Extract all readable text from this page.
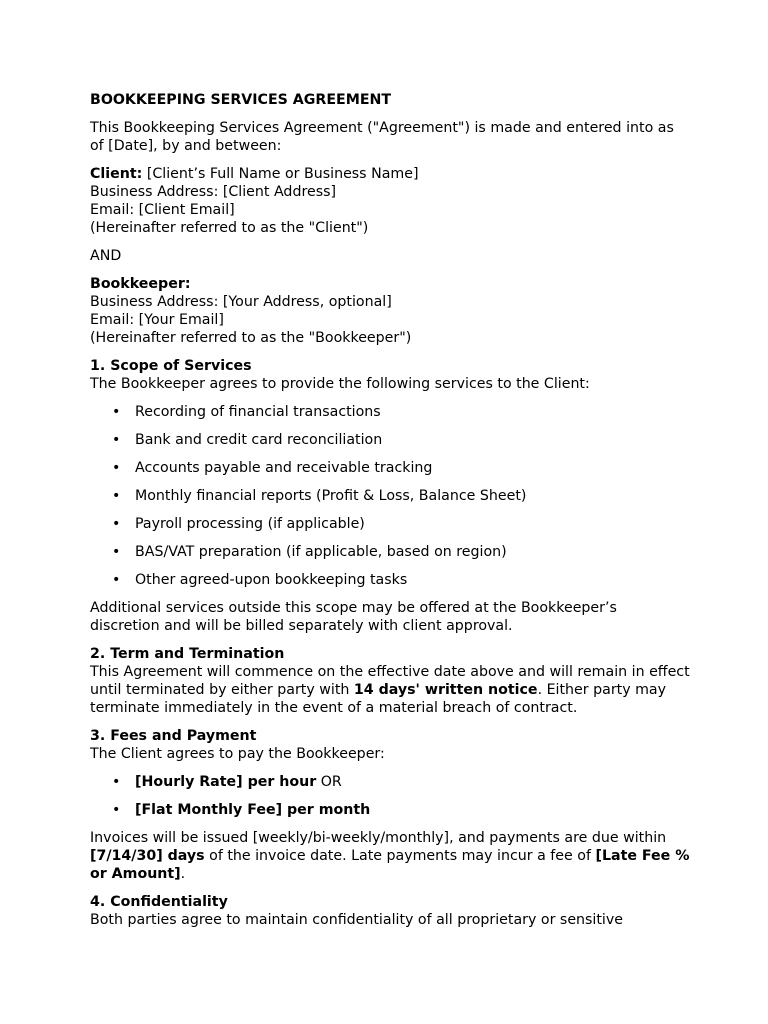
BOOKKEEPING SERVICES AGREEMENT

This Bookkeeping Services Agreement ("Agreement") is made and entered into as of [Date], by and between:

Client: [Client’s Full Name or Business Name]
Business Address: [Client Address]
Email: [Client Email]
(Hereinafter referred to as the "Client")

AND

Bookkeeper:
Business Address: [Your Address, optional]
Email: [Your Email]
(Hereinafter referred to as the "Bookkeeper")

1. Scope of Services
The Bookkeeper agrees to provide the following services to the Client:

• Recording of financial transactions
• Bank and credit card reconciliation
• Accounts payable and receivable tracking
• Monthly financial reports (Profit & Loss, Balance Sheet)
• Payroll processing (if applicable)
• BAS/VAT preparation (if applicable, based on region)
• Other agreed-upon bookkeeping tasks

Additional services outside this scope may be offered at the Bookkeeper’s discretion and will be billed separately with client approval.

2. Term and Termination
This Agreement will commence on the effective date above and will remain in effect until terminated by either party with 14 days' written notice. Either party may terminate immediately in the event of a material breach of contract.

3. Fees and Payment
The Client agrees to pay the Bookkeeper:

• [Hourly Rate] per hour OR
• [Flat Monthly Fee] per month

Invoices will be issued [weekly/bi-weekly/monthly], and payments are due within [7/14/30] days of the invoice date. Late payments may incur a fee of [Late Fee % or Amount].

4. Confidentiality
Both parties agree to maintain confidentiality of all proprietary or sensitive
